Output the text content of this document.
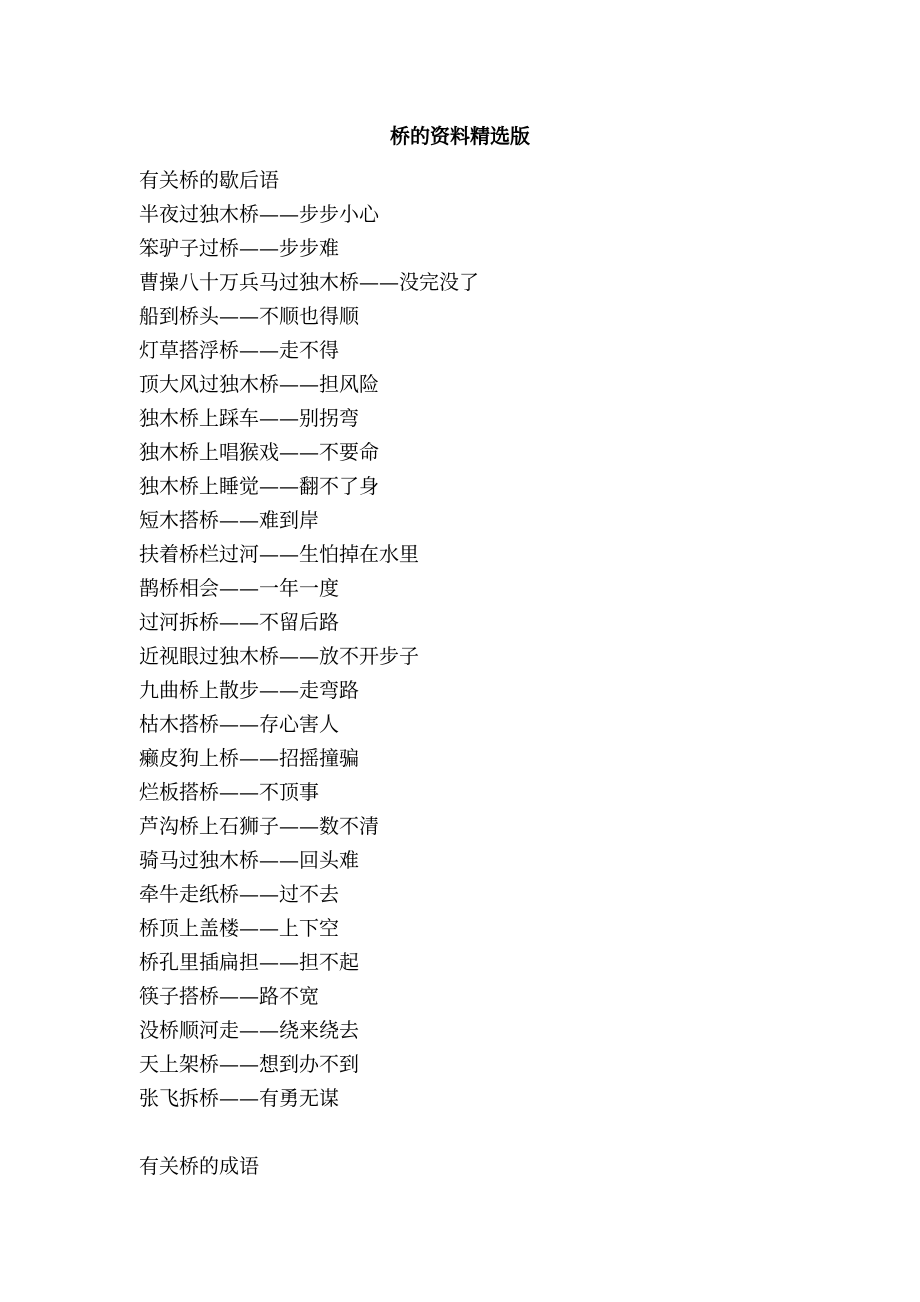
桥的资料精选版
有关桥的歇后语
半夜过独木桥——步步小心
笨驴子过桥——步步难
曹操八十万兵马过独木桥——没完没了
船到桥头——不顺也得顺
灯草搭浮桥——走不得
顶大风过独木桥——担风险
独木桥上踩车——别拐弯
独木桥上唱猴戏——不要命
独木桥上睡觉——翻不了身
短木搭桥——难到岸
扶着桥栏过河——生怕掉在水里
鹊桥相会——一年一度
过河拆桥——不留后路
近视眼过独木桥——放不开步子
九曲桥上散步——走弯路
枯木搭桥——存心害人
癞皮狗上桥——招摇撞骗
烂板搭桥——不顶事
芦沟桥上石狮子——数不清
骑马过独木桥——回头难
牵牛走纸桥——过不去
桥顶上盖楼——上下空
桥孔里插扁担——担不起
筷子搭桥——路不宽
没桥顺河走——绕来绕去
天上架桥——想到办不到
张飞拆桥——有勇无谋
有关桥的成语
